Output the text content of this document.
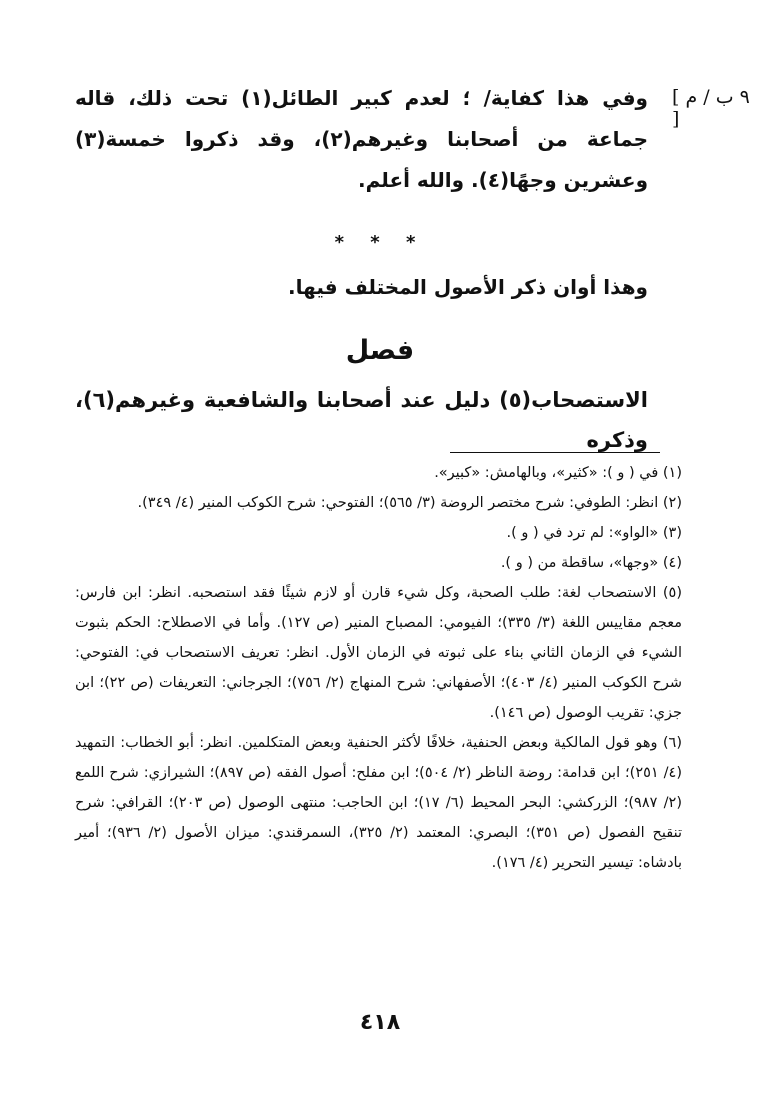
[ ٩ ب / م ]

وفي هذا كفاية/ ؛ لعدم كبير الطائل(١) تحت ذلك، قاله جماعة من أصحابنا وغيرهم(٢)، وقد ذكروا خمسة(٣) وعشرين وجهًا(٤). والله أعلم.

* * *
وهذا أوان ذكر الأصول المختلف فيها.
فصل
الاستصحاب(٥) دليل عند أصحابنا والشافعية وغيرهم(٦)، وذكره

(١) في ( و ): «كثير»، وبالهامش: «كبير».

(٢) انظر: الطوفي: شرح مختصر الروضة (٣/ ٥٦٥)؛ الفتوحي: شرح الكوكب المنير (٤/ ٣٤٩).

(٣) «الواو»: لم ترد في ( و ).

(٤) «وجها»، ساقطة من ( و ).

(٥) الاستصحاب لغة: طلب الصحبة، وكل شيء قارن أو لازم شيئًا فقد استصحبه. انظر: ابن فارس: معجم مقاييس اللغة (٣/ ٣٣٥)؛ الفيومي: المصباح المنير (ص ١٢٧). وأما في الاصطلاح: الحكم بثبوت الشيء في الزمان الثاني بناء على ثبوته في الزمان الأول. انظر: تعريف الاستصحاب في: الفتوحي: شرح الكوكب المنير (٤/ ٤٠٣)؛ الأصفهاني: شرح المنهاج (٢/ ٧٥٦)؛ الجرجاني: التعريفات (ص ٢٢)؛ ابن جزي: تقريب الوصول (ص ١٤٦).

(٦) وهو قول المالكية وبعض الحنفية، خلافًا لأكثر الحنفية وبعض المتكلمين. انظر: أبو الخطاب: التمهيد (٤/ ٢٥١)؛ ابن قدامة: روضة الناظر (٢/ ٥٠٤)؛ ابن مفلح: أصول الفقه (ص ٨٩٧)؛ الشيرازي: شرح اللمع (٢/ ٩٨٧)؛ الزركشي: البحر المحيط (٦/ ١٧)؛ ابن الحاجب: منتهى الوصول (ص ٢٠٣)؛ القرافي: شرح تنقيح الفصول (ص ٣٥١)؛ البصري: المعتمد (٢/ ٣٢٥)، السمرقندي: ميزان الأصول (٢/ ٩٣٦)؛ أمير بادشاه: تيسير التحرير (٤/ ١٧٦).

٤١٨
